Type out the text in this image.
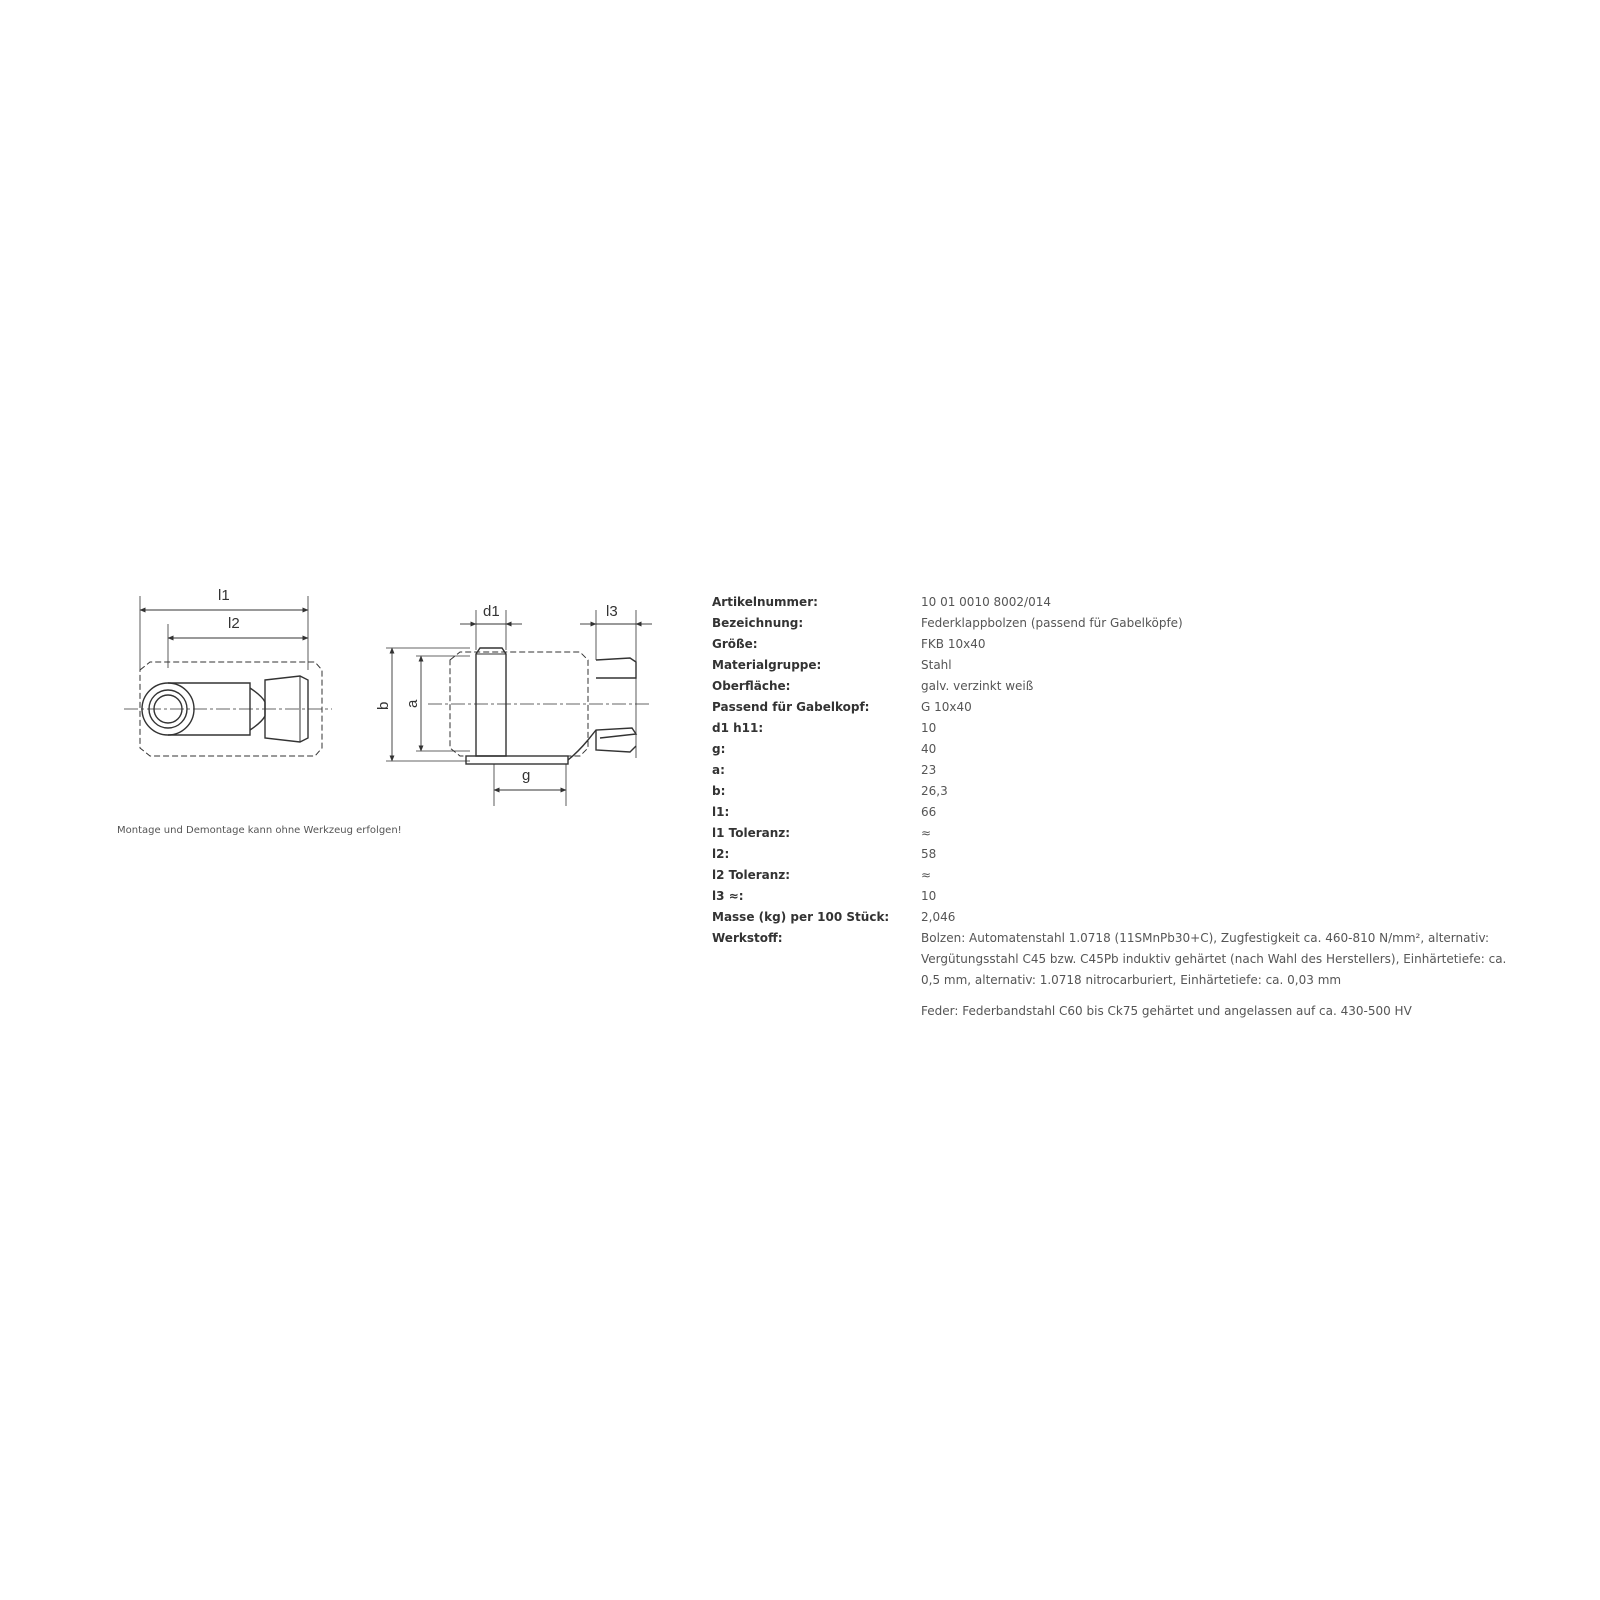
l1
l2
d1	l3
g
b a
Montage und Demontage kann ohne Werkzeug erfolgen!
Artikelnummer:	10 01 0010 8002/014
Bezeichnung:	Federklappbolzen (passend für Gabelköpfe)
Größe:	FKB 10x40
Materialgruppe:	Stahl
Oberfläche:	galv. verzinkt weiß
Passend für Gabelkopf:	G 10x40
d1 h11:	10
g:	40
a:	23
b:	26,3
l1:	66
l1 Toleranz:	≈
l2:	58
l2 Toleranz:	≈
l3 ≈:	10
Masse (kg) per 100 Stück:	2,046
Werkstoff:	Bolzen: Automatenstahl 1.0718 (11SMnPb30+C), Zugfestigkeit ca. 460-810 N/mm², alternativ: Vergütungsstahl C45 bzw. C45Pb induktiv gehärtet (nach Wahl des Herstellers), Einhärtetiefe: ca. 0,5 mm, alternativ: 1.0718 nitrocarburiert, Einhärtetiefe: ca. 0,03 mm

Feder: Federbandstahl C60 bis Ck75 gehärtet und angelassen auf ca. 430-500 HV
